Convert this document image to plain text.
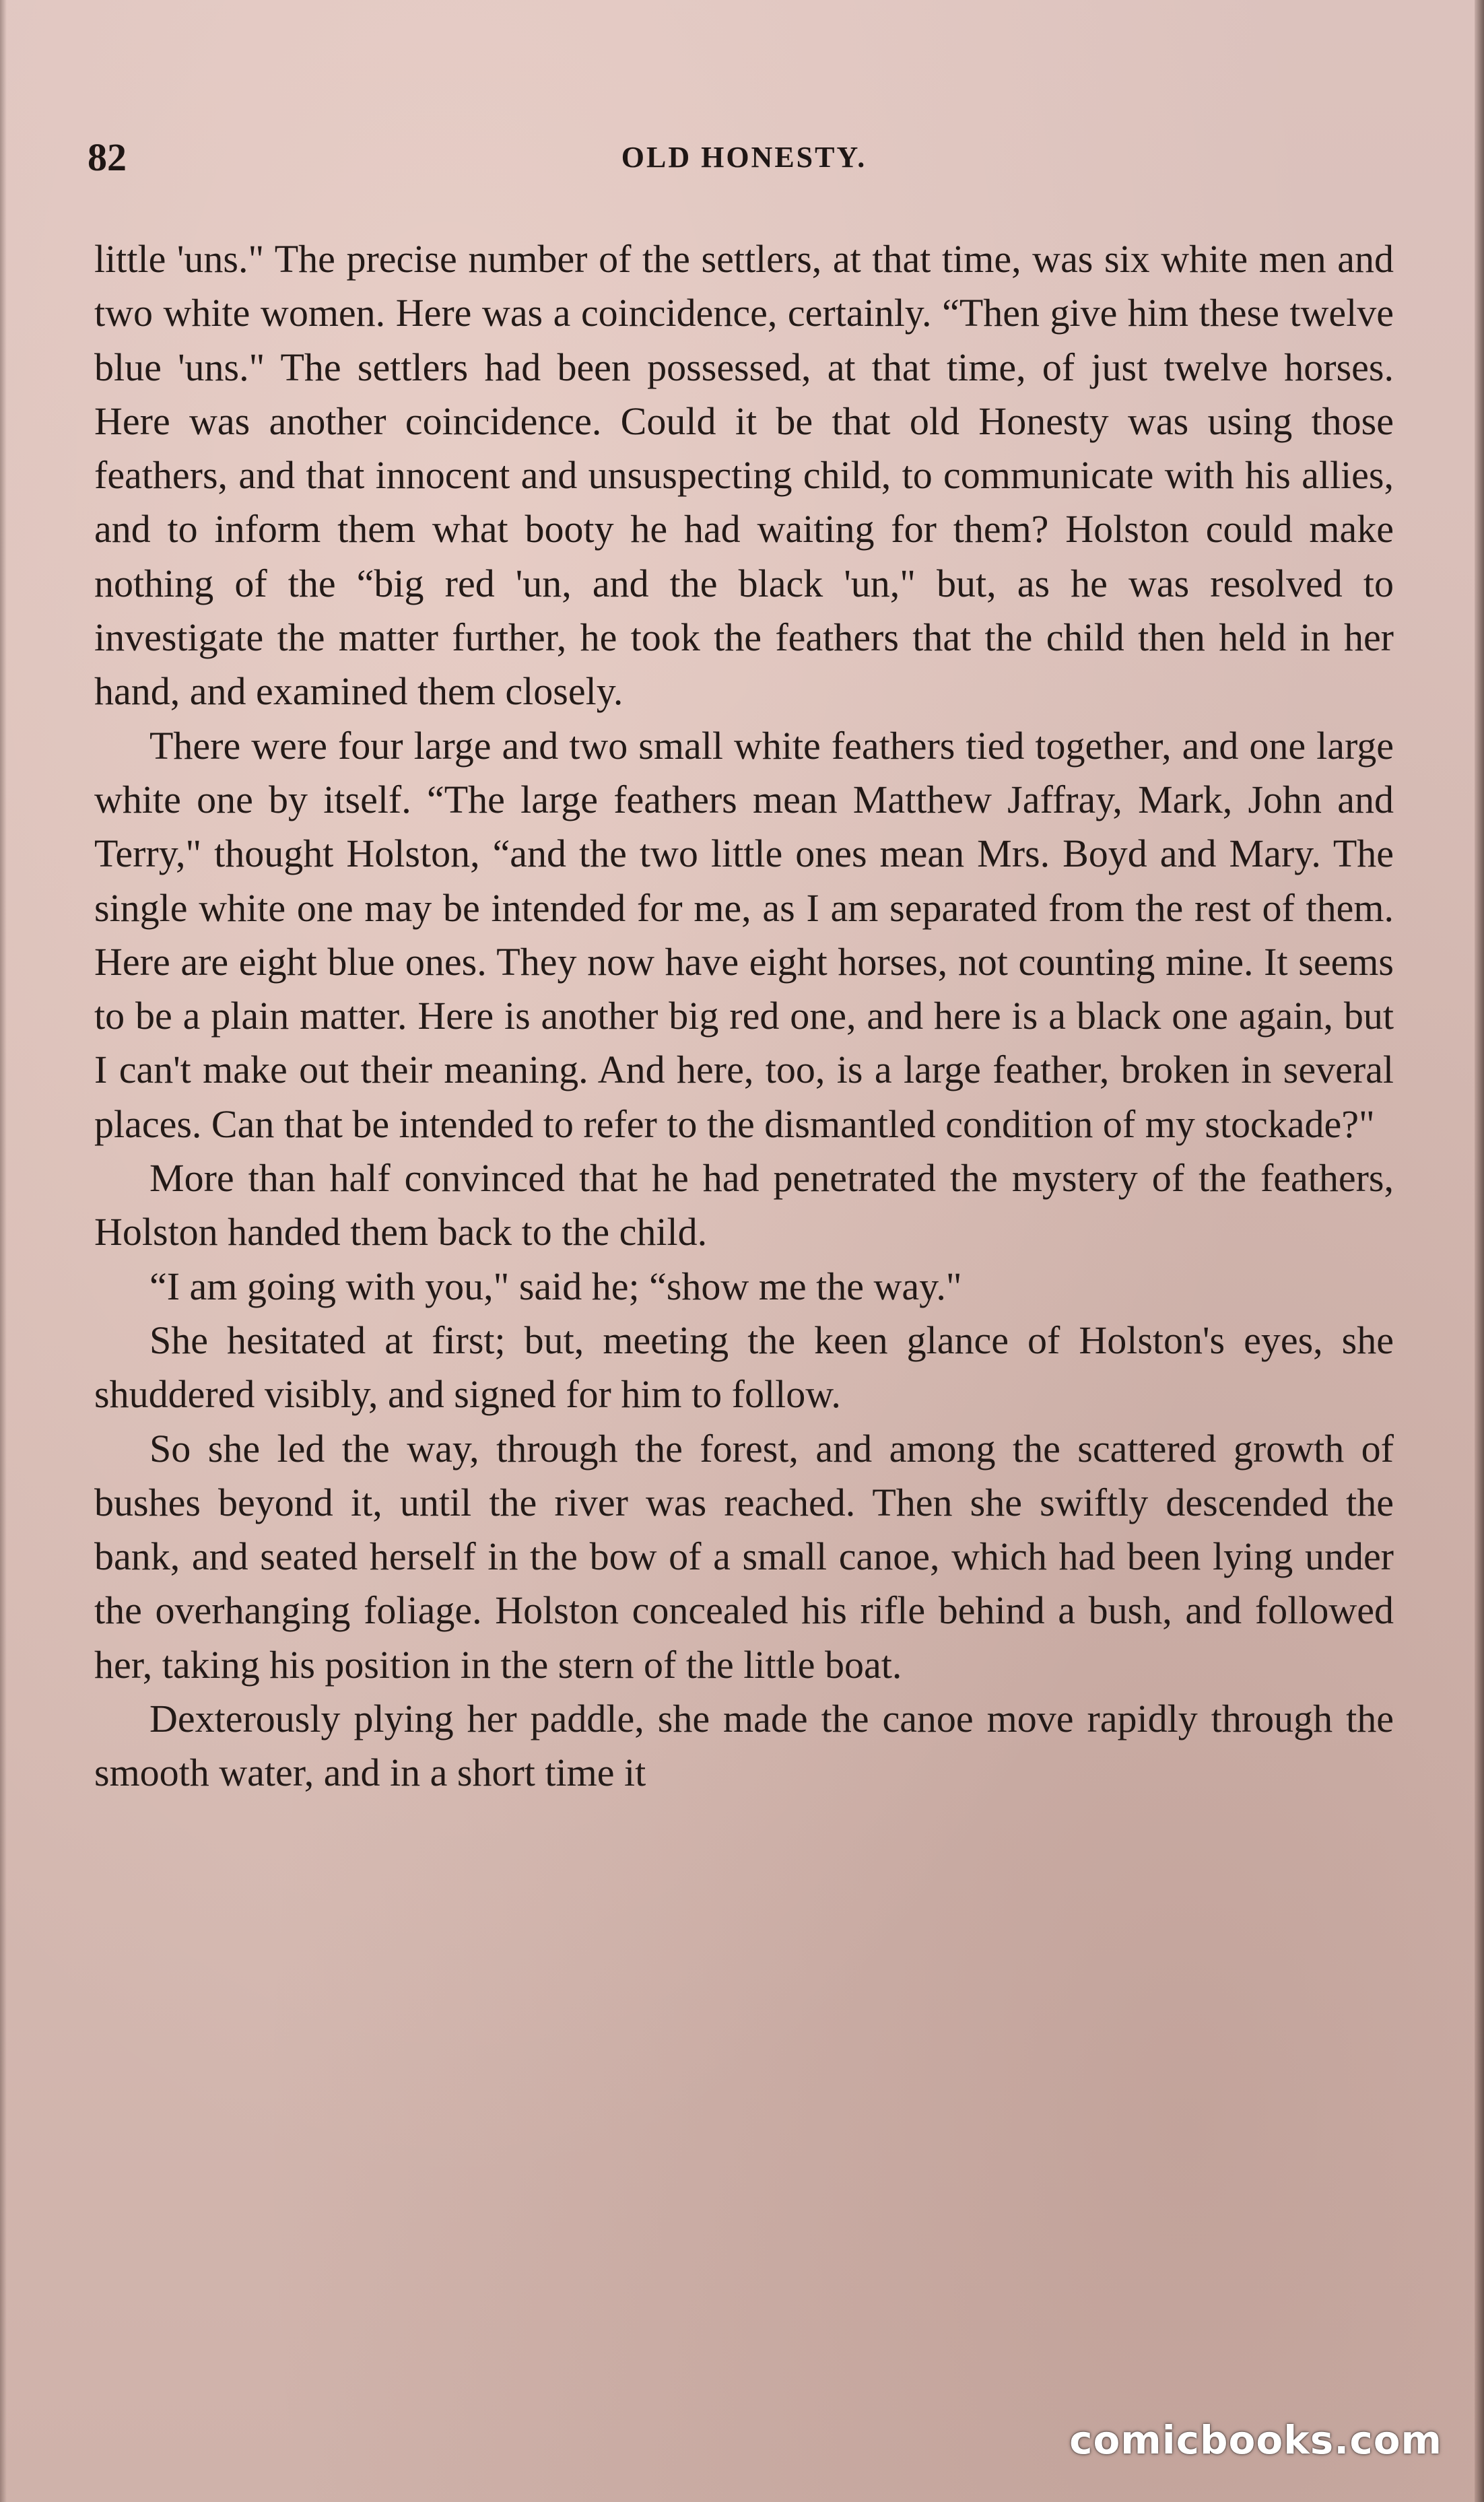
82	OLD HONESTY.

little 'uns." The precise number of the settlers, at that time, was six white men and two white women. Here was a coincidence, certainly. “Then give him these twelve blue 'uns." The settlers had been possessed, at that time, of just twelve horses. Here was another coincidence. Could it be that old Honesty was using those feathers, and that innocent and unsuspecting child, to communicate with his allies, and to inform them what booty he had waiting for them? Holston could make nothing of the “big red 'un, and the black 'un," but, as he was resolved to investigate the matter further, he took the feathers that the child then held in her hand, and examined them closely.

There were four large and two small white feathers tied together, and one large white one by itself. “The large feathers mean Matthew Jaffray, Mark, John and Terry," thought Holston, “and the two little ones mean Mrs. Boyd and Mary. The single white one may be intended for me, as I am separated from the rest of them. Here are eight blue ones. They now have eight horses, not counting mine. It seems to be a plain matter. Here is another big red one, and here is a black one again, but I can't make out their meaning. And here, too, is a large feather, broken in several places. Can that be intended to refer to the dismantled condition of my stockade?"

More than half convinced that he had penetrated the mystery of the feathers, Holston handed them back to the child.

“I am going with you," said he; “show me the way."

She hesitated at first; but, meeting the keen glance of Holston's eyes, she shuddered visibly, and signed for him to follow.

So she led the way, through the forest, and among the scattered growth of bushes beyond it, until the river was reached. Then she swiftly descended the bank, and seated herself in the bow of a small canoe, which had been lying under the overhanging foliage. Holston concealed his rifle behind a bush, and followed her, taking his position in the stern of the little boat.

Dexterously plying her paddle, she made the canoe move rapidly through the smooth water, and in a short time it

comicbooks.com
